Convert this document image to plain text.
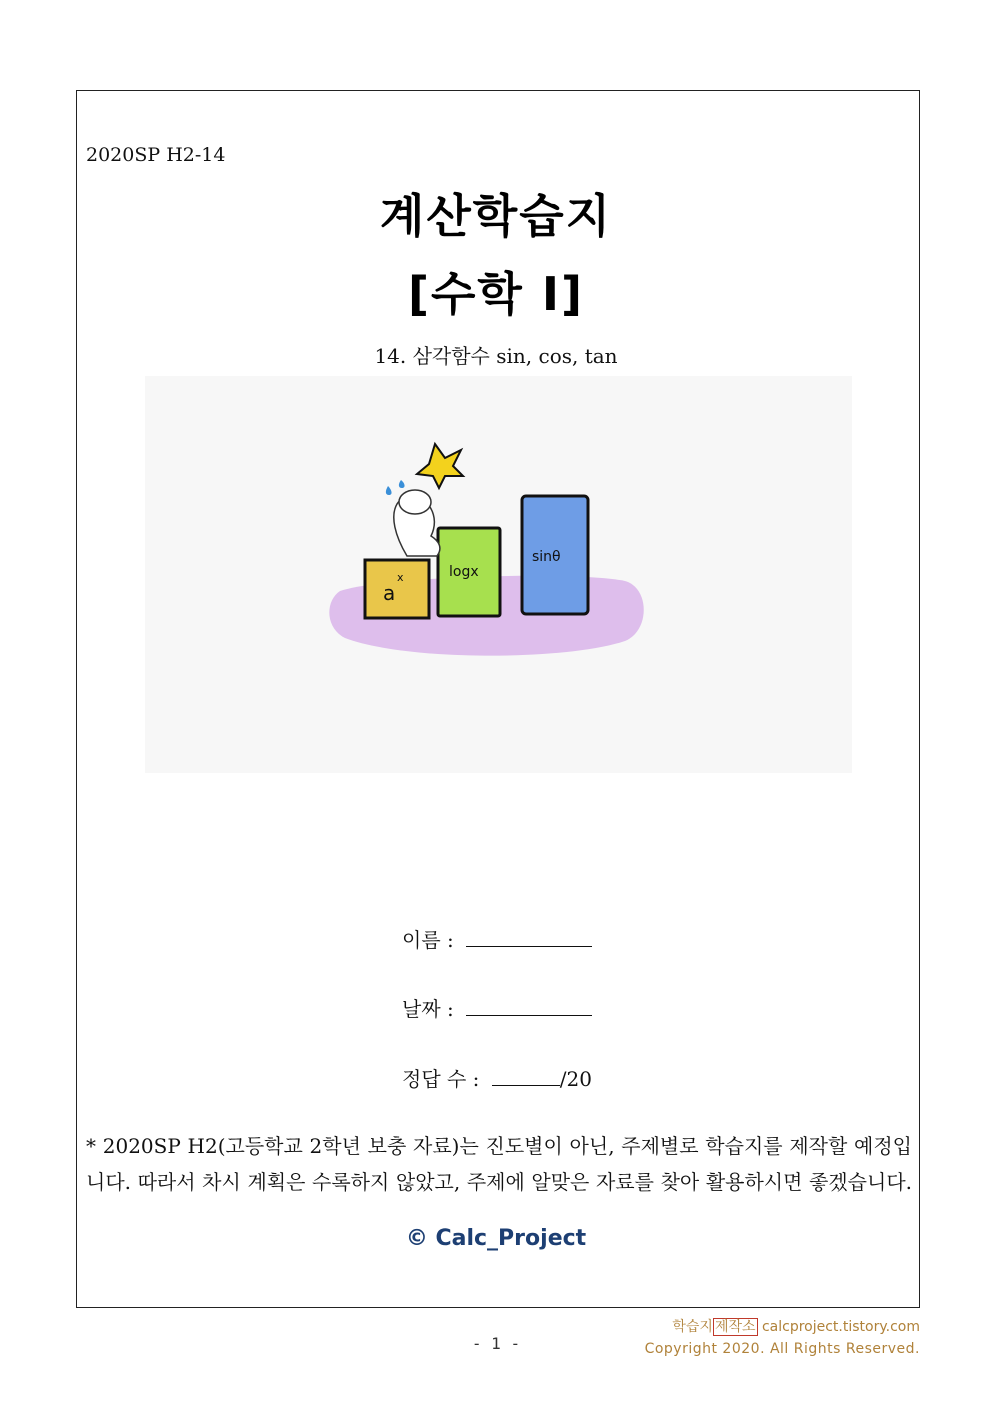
2020SP H2-14
계산학습지
[수학 I]
14. 삼각함수 sin, cos, tan
a
x	logx
sinθ
이름 :
날짜 :
정답 수 :	/20
* 2020SP H2(고등학교 2학년 보충 자료)는 진도별이 아닌, 주제별로 학습지를 제작할 예정입
니다. 따라서 차시 계획은 수록하지 않았고, 주제에 알맞은 자료를 찾아 활용하시면 좋겠습니다.
© Calc_Project
- 1 -
학습지 제작소 calcproject.tistory.com
Copyright 2020. All Rights Reserved.
